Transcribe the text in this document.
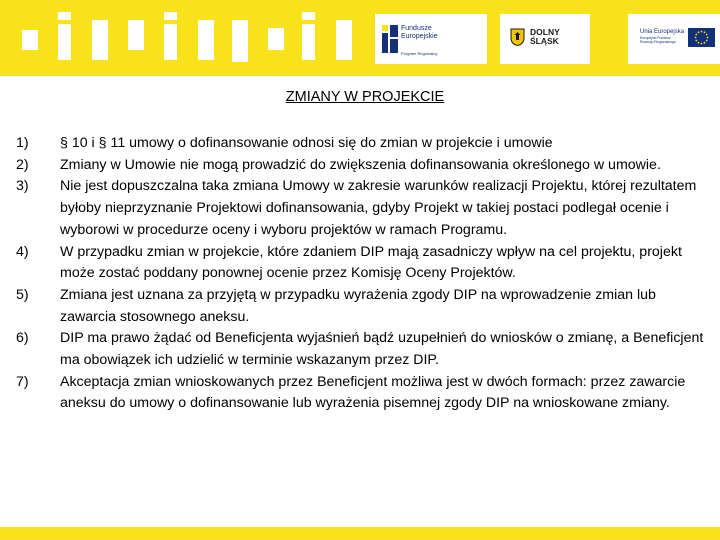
Fundusze
Europejskie
Program Regionalny
DOLNY
ŚLĄSK
Unia Europejska
Europejski Fundusz
Rozwoju Regionalnego
ZMIANY W PROJEKCIE
1) § 10 i § 11 umowy o dofinansowanie odnosi się do zmian w projekcie i umowie
2) Zmiany w Umowie nie mogą prowadzić do zwiększenia dofinansowania określonego w umowie.
3) Nie jest dopuszczalna taka zmiana Umowy w zakresie warunków realizacji Projektu, której rezultatem byłoby nieprzyznanie Projektowi dofinansowania, gdyby Projekt w takiej postaci podlegał ocenie i wyborowi w procedurze oceny i wyboru projektów w ramach Programu.
4) W przypadku zmian w projekcie, które zdaniem DIP mają zasadniczy wpływ na cel projektu, projekt może zostać poddany ponownej ocenie przez Komisję Oceny Projektów.
5) Zmiana jest uznana za przyjętą w przypadku wyrażenia zgody DIP na wprowadzenie zmian lub zawarcia stosownego aneksu.
6) DIP ma prawo żądać od Beneficjenta wyjaśnień bądź uzupełnień do wniosków o zmianę, a Beneficjent ma obowiązek ich udzielić w terminie wskazanym przez DIP.
7) Akceptacja zmian wnioskowanych przez Beneficjent możliwa jest w dwóch formach: przez zawarcie aneksu do umowy o dofinansowanie lub wyrażenia pisemnej zgody DIP na wnioskowane zmiany.
